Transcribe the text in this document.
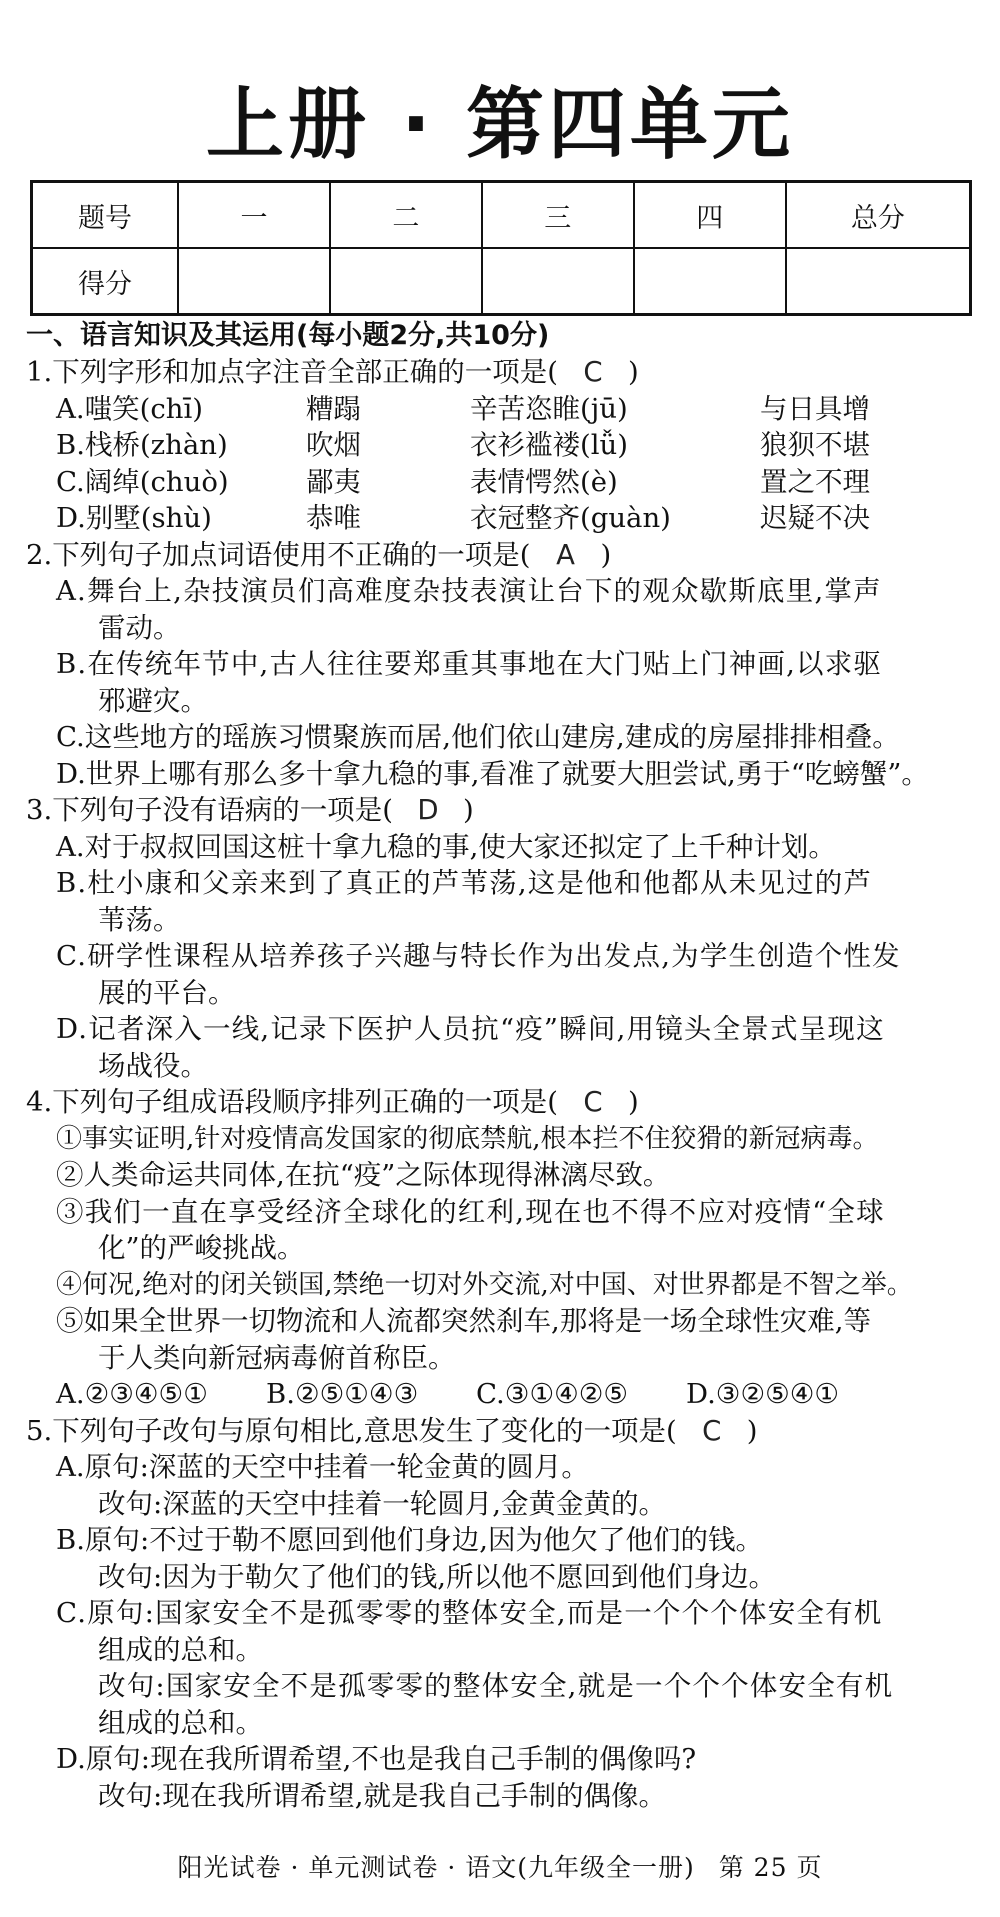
上册 · 第四单元
题号	一	二	三	四	总分
得分					
一、语言知识及其运用(每小题2分,共10分)
1.下列字形和加点字注音全部正确的一项是( C )
A.嗤笑(chī)	糟蹋	辛苦恣睢(jū)	与日具增
B.栈桥(zhàn)	吹烟	衣衫褴褛(lǚ)	狼狈不堪
C.阔绰(chuò)	鄙夷	表情愕然(è)	置之不理
D.别墅(shù)	恭唯	衣冠整齐(guàn)	迟疑不决
2.下列句子加点词语使用不正确的一项是( A )
A.舞台上,杂技演员们高难度杂技表演让台下的观众歇斯底里,掌声
雷动。
B.在传统年节中,古人往往要郑重其事地在大门贴上门神画,以求驱
邪避灾。
C.这些地方的瑶族习惯聚族而居,他们依山建房,建成的房屋排排相叠。
D.世界上哪有那么多十拿九稳的事,看准了就要大胆尝试,勇于“吃螃蟹”。
3.下列句子没有语病的一项是( D )
A.对于叔叔回国这桩十拿九稳的事,使大家还拟定了上千种计划。
B.杜小康和父亲来到了真正的芦苇荡,这是他和他都从未见过的芦
苇荡。
C.研学性课程从培养孩子兴趣与特长作为出发点,为学生创造个性发
展的平台。
D.记者深入一线,记录下医护人员抗“疫”瞬间,用镜头全景式呈现这
场战役。
4.下列句子组成语段顺序排列正确的一项是( C )
①事实证明,针对疫情高发国家的彻底禁航,根本拦不住狡猾的新冠病毒。
②人类命运共同体,在抗“疫”之际体现得淋漓尽致。
③我们一直在享受经济全球化的红利,现在也不得不应对疫情“全球
化”的严峻挑战。
④何况,绝对的闭关锁国,禁绝一切对外交流,对中国、对世界都是不智之举。
⑤如果全世界一切物流和人流都突然刹车,那将是一场全球性灾难,等
于人类向新冠病毒俯首称臣。
A.②③④⑤① B.②⑤①④③ C.③①④②⑤ D.③②⑤④①
5.下列句子改句与原句相比,意思发生了变化的一项是( C )
A.原句:深蓝的天空中挂着一轮金黄的圆月。
改句:深蓝的天空中挂着一轮圆月,金黄金黄的。
B.原句:不过于勒不愿回到他们身边,因为他欠了他们的钱。
改句:因为于勒欠了他们的钱,所以他不愿回到他们身边。
C.原句:国家安全不是孤零零的整体安全,而是一个个个体安全有机
组成的总和。
改句:国家安全不是孤零零的整体安全,就是一个个个体安全有机
组成的总和。
D.原句:现在我所谓希望,不也是我自己手制的偶像吗?
改句:现在我所谓希望,就是我自己手制的偶像。
阳光试卷 · 单元测试卷 · 语文(九年级全一册) 第 25 页
